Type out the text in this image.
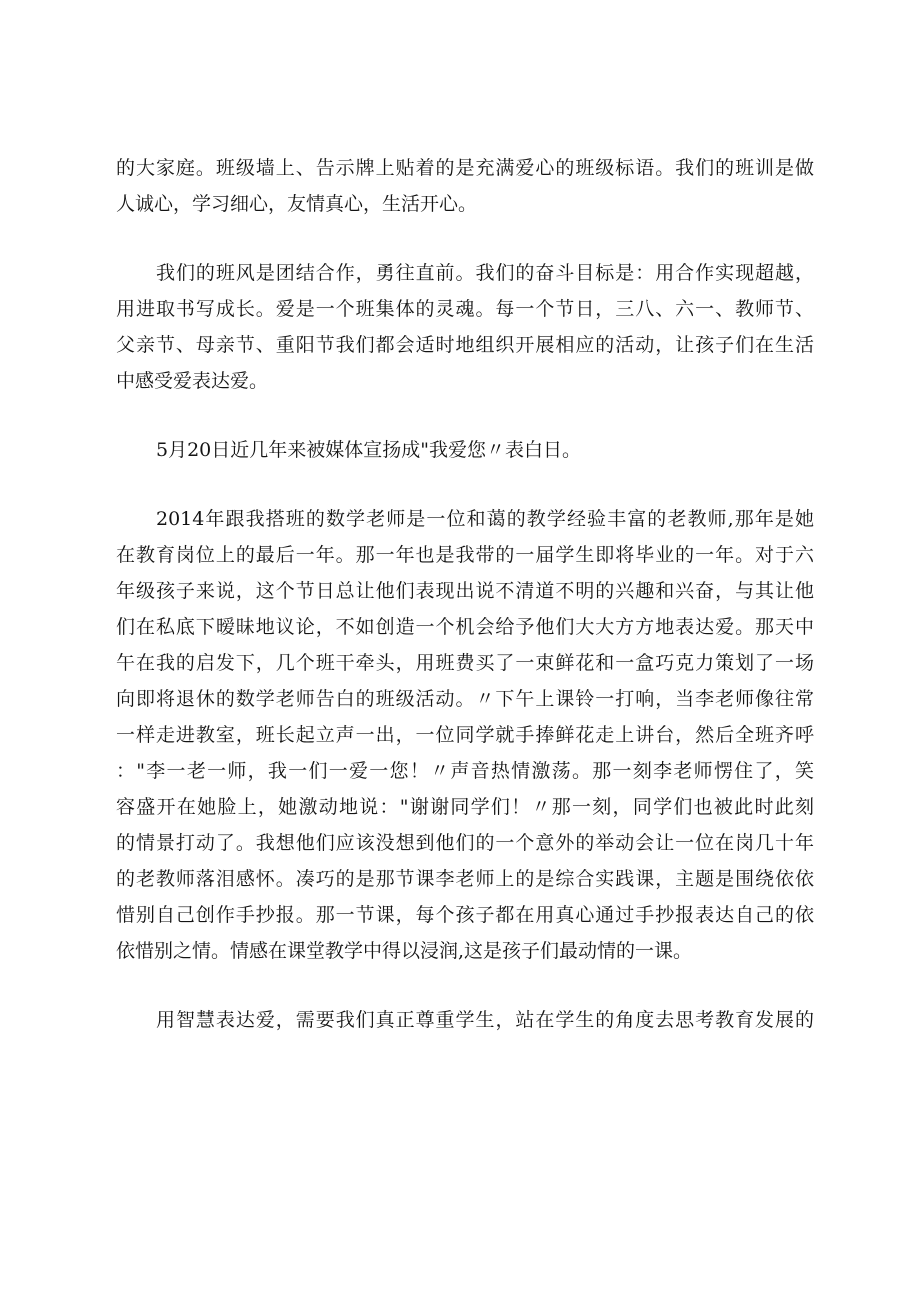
的大家庭。班级墙上、告示牌上贴着的是充满爱心的班级标语。我们的班训是做
人诚心，学习细心，友情真心，生活开心。
我们的班风是团结合作，勇往直前。我们的奋斗目标是：用合作实现超越，
用进取书写成长。爱是一个班集体的灵魂。每一个节日，三八、六一、教师节、
父亲节、母亲节、重阳节我们都会适时地组织开展相应的活动，让孩子们在生活
中感受爱表达爱。
5月20日近几年来被媒体宣扬成"我爱您〃表白日。
2014年跟我搭班的数学老师是一位和蔼的教学经验丰富的老教师,那年是她
在教育岗位上的最后一年。那一年也是我带的一届学生即将毕业的一年。对于六
年级孩子来说，这个节日总让他们表现出说不清道不明的兴趣和兴奋，与其让他
们在私底下暧昧地议论，不如创造一个机会给予他们大大方方地表达爱。那天中
午在我的启发下，几个班干牵头，用班费买了一束鲜花和一盒巧克力策划了一场
向即将退休的数学老师告白的班级活动。〃下午上课铃一打响，当李老师像往常
一样走进教室，班长起立声一出，一位同学就手捧鲜花走上讲台，然后全班齐呼
："李一老一师，我一们一爱一您！〃声音热情激荡。那一刻李老师愣住了，笑
容盛开在她脸上，她激动地说："谢谢同学们！〃那一刻，同学们也被此时此刻
的情景打动了。我想他们应该没想到他们的一个意外的举动会让一位在岗几十年
的老教师落泪感怀。凑巧的是那节课李老师上的是综合实践课，主题是围绕依依
惜别自己创作手抄报。那一节课，每个孩子都在用真心通过手抄报表达自己的依
依惜别之情。情感在课堂教学中得以浸润,这是孩子们最动情的一课。
用智慧表达爱，需要我们真正尊重学生，站在学生的角度去思考教育发展的
